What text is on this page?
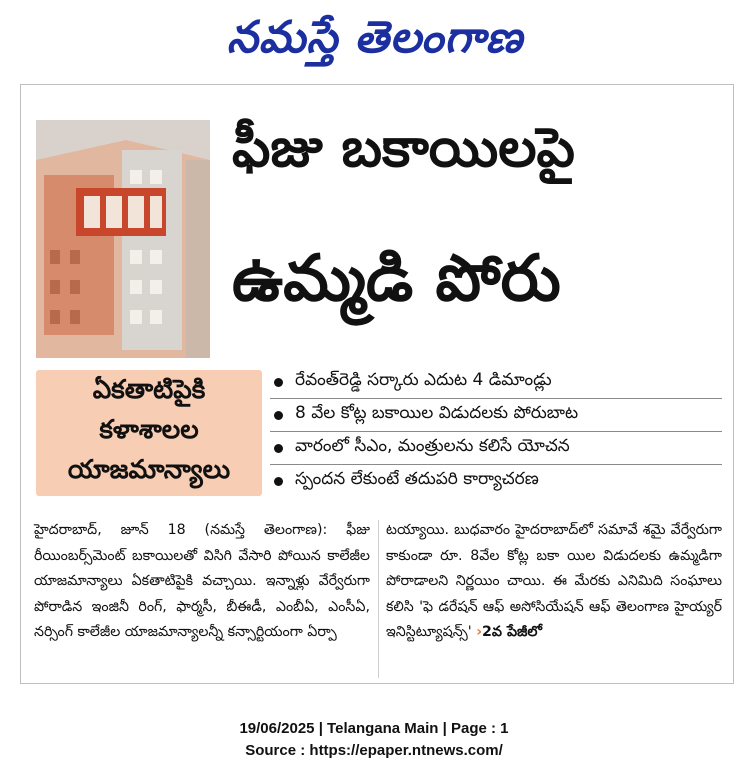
నమస్తే తెలంగాణ
ఫీజు బకాయిలపై
ఉమ్మడి పోరు
ఏకతాటిపైకి
కళాశాలల
యాజమాన్యాలు
రేవంత్‌రెడ్డి సర్కారు ఎదుట 4 డిమాండ్లు
8 వేల కోట్ల బకాయిల విడుదలకు పోరుబాట
వారంలో సీఎం, మంత్రులను కలిసే యోచన
స్పందన లేకుంటే తదుపరి కార్యాచరణ

హైదరాబాద్, జూన్ 18 (నమస్తే తెలంగాణ): ఫీజు రీయింబర్స్‌మెంట్ బకాయిలతో విసిగి వేసారి పోయిన కాలేజీల యాజమాన్యాలు ఏకతాటిపైకి వచ్చాయి. ఇన్నాళ్లు వేర్వేరుగా పోరాడిన ఇంజినీ రింగ్, ఫార్మసీ, బీఈడీ, ఎంబీఏ, ఎంసీఏ, నర్సింగ్ కాలేజీల యాజమాన్యాలన్నీ కన్సార్టియంగా ఏర్పా

టయ్యాయి. బుధవారం హైదరాబాద్‌లో సమావే శమై వేర్వేరుగా కాకుండా రూ. 8వేల కోట్ల బకా యిల విడుదలకు ఉమ్మడిగా పోరాడాలని నిర్ణయిం చాయి. ఈ మేరకు ఎనిమిది సంఘాలు కలిసి 'ఫె డరేషన్ ఆఫ్ అసోసియేషన్ ఆఫ్ తెలంగాణ హైయ్యర్ ఇనిస్టిట్యూషన్స్' ›2వ పేజీలో

19/06/2025 | Telangana Main | Page : 1
Source : https://epaper.ntnews.com/
